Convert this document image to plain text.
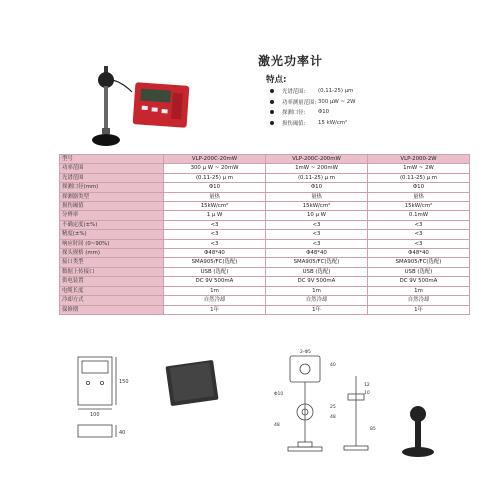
激光功率计
特点:
光谱范围:	(0.11-25) μm
功率测量范围: 300 μW ~ 2W
探测口径:	Φ10
损伤阈值:	15 kW/cm²
型号	VLP-200C-20mW	VLP-200C-200mW	VLP-2000-2W
功率范围	300 μ W ~ 20mW	1mW ~ 200mW	1mW ~ 2W
光谱范围	(0.11-25) μ m	(0.11-25) μ m	(0.11-25) μ m
探测口径(mm)	Φ10	Φ10	Φ10
探测器类型	量热	量热	量热
损伤阈值	15kW/cm²	15kW/cm²	15kW/cm²
分辨率	1 μ W	10 μ W	0.1mW
不确定度(±%)	<3	<3	<3
精度(±%)	<3	<3	<3
响应时间 (0~90%)	<3	<3	<3
探头规格 (mm)	Φ48*40	Φ48*40	Φ48*40
接口类型	SMA905/FC(选配)	SMA905/FC(选配)	SMA905/FC(选配)
数据上传接口	USB (选配)	USB (选配)	USB (选配)
供电装置	DC 9V 500mA	DC 9V 500mA	DC 9V 500mA
电缆长度	1m	1m	1m
冷却方式	自然冷却	自然冷却	自然冷却
保修期	1年	1年	1年
150
100
40
2-Φ5
Φ10
48
40
12
10
25
48
85
